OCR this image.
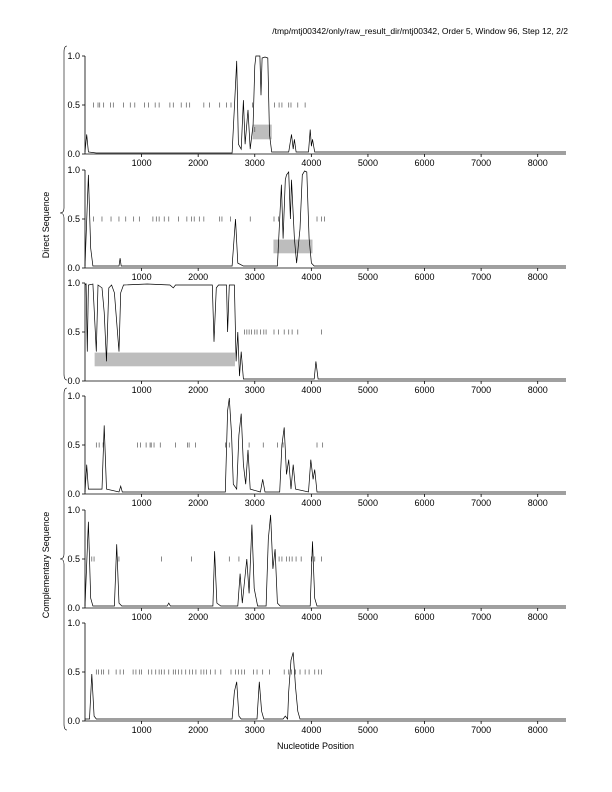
/tmp/mtj00342/only/raw_result_dir/mtj00342, Order 5, Window 96, Step 12, 2/2
0.0
0.5
1.0
1000	2000	3000	4000	5000	6000	7000	8000
0.0
0.5
1.0
1000	2000	3000	4000	5000	6000	7000	8000
0.0
0.5
1.0
1000	2000	3000	4000	5000	6000	7000	8000
0.0
0.5
1.0
1000	2000	3000	4000	5000	6000	7000	8000
0.0
0.5
1.0
1000	2000	3000	4000	5000	6000	7000	8000
0.0
0.5
1.0
1000	2000	3000	4000	5000	6000	7000	8000
Nucleotide Position
Direct Sequence
Complementary Sequence
